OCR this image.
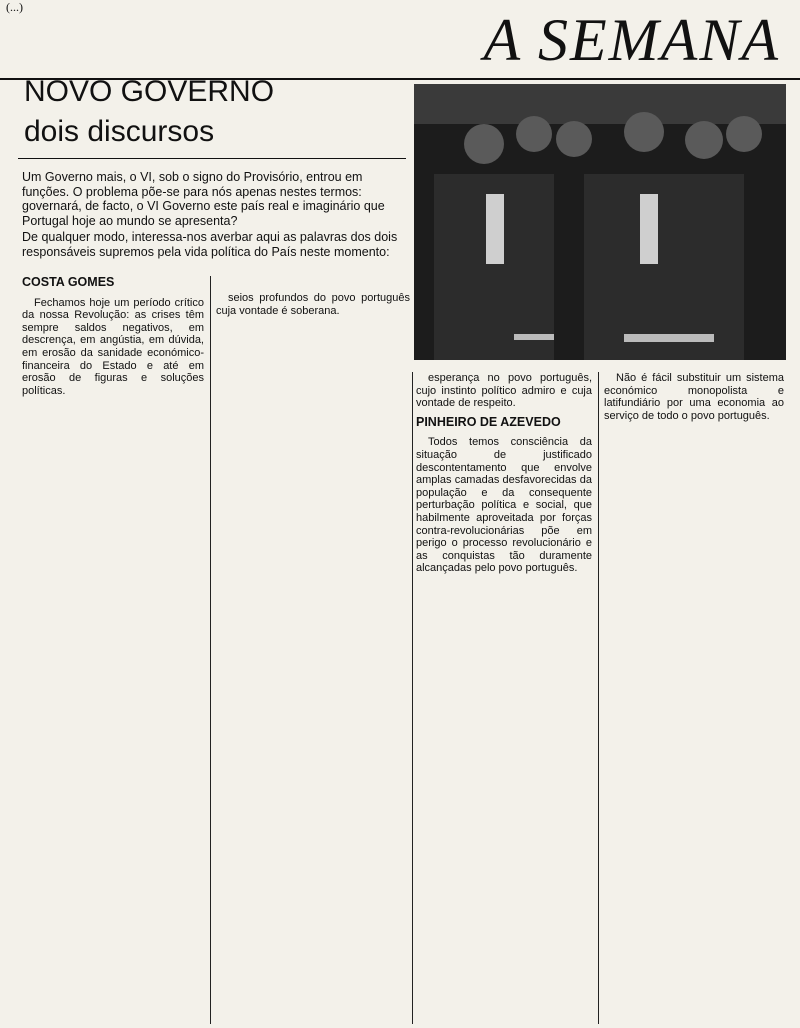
(...)	A SEMANA
NOVO GOVERNO
dois discursos

Um Governo mais, o VI, sob o signo do Provisório, entrou em funções. O problema põe-se para nós apenas nestes termos: governará, de facto, o VI Governo este país real e imaginário que Portugal hoje ao mundo se apresenta?

De qualquer modo, interessa-nos averbar aqui as palavras dos dois responsáveis supremos pela vida política do País neste momento:

COSTA GOMES

Fechamos hoje um período crítico da nossa Revolução: as crises têm sempre saldos negativos, em descrença, em angústia, em dúvida, em erosão da sanidade económico-financeira do Estado e até em erosão de figuras e soluções políticas.

seios profundos do povo português cuja vontade é soberana.

esperança no povo português, cujo instinto político admiro e cuja vontade de respeito.

PINHEIRO DE AZEVEDO

Todos temos consciência da situação de justificado descontentamento que envolve amplas camadas desfavorecidas da população e da consequente perturbação política e social, que habilmente aproveitada por forças contra-revolucionárias põe em perigo o processo revolucionário e as conquistas tão duramente alcançadas pelo povo português.

Não é fácil substituir um sistema económico monopolista e latifundiário por uma economia ao serviço de todo o povo português.
